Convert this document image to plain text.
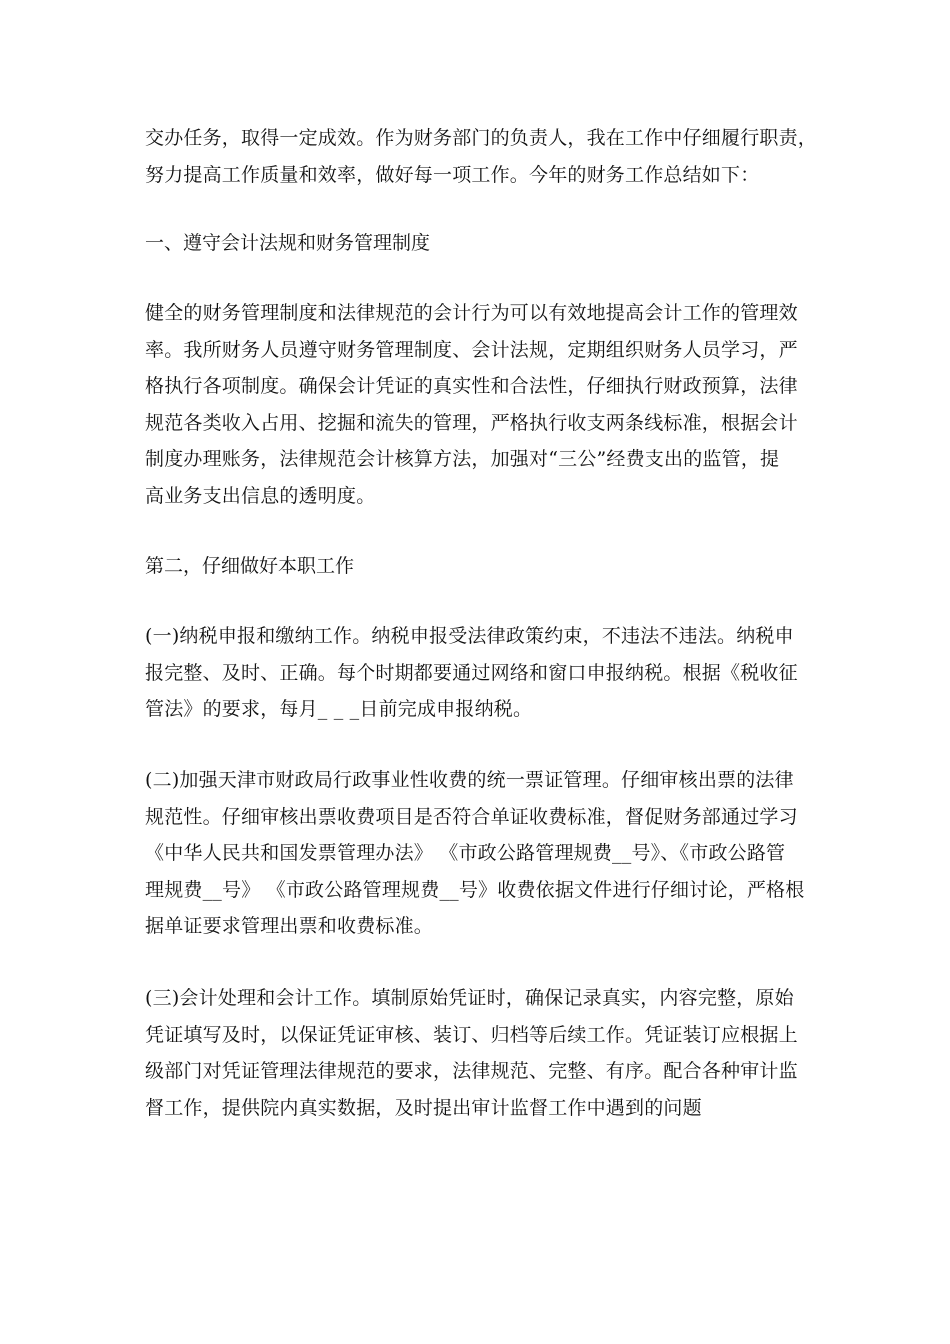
交办任务，取得一定成效。作为财务部门的负责人，我在工作中仔细履行职责，
努力提高工作质量和效率，做好每一项工作。今年的财务工作总结如下：

一、遵守会计法规和财务管理制度

健全的财务管理制度和法律规范的会计行为可以有效地提高会计工作的管理效
率。我所财务人员遵守财务管理制度、会计法规，定期组织财务人员学习，严
格执行各项制度。确保会计凭证的真实性和合法性，仔细执行财政预算，法律
规范各类收入占用、挖掘和流失的管理，严格执行收支两条线标准，根据会计
制度办理账务，法律规范会计核算方法，加强对“三公”经费支出的监管，提
高业务支出信息的透明度。

第二，仔细做好本职工作

(一)纳税申报和缴纳工作。纳税申报受法律政策约束，不违法不违法。纳税申
报完整、及时、正确。每个时期都要通过网络和窗口申报纳税。根据《税收征
管法》的要求，每月_ _ _日前完成申报纳税。

(二)加强天津市财政局行政事业性收费的统一票证管理。仔细审核出票的法律
规范性。仔细审核出票收费项目是否符合单证收费标准，督促财务部通过学习
《中华人民共和国发票管理办法》 《市政公路管理规费__号》、《市政公路管
理规费__号》 《市政公路管理规费__号》收费依据文件进行仔细讨论，严格根
据单证要求管理出票和收费标准。

(三)会计处理和会计工作。填制原始凭证时，确保记录真实，内容完整，原始
凭证填写及时，以保证凭证审核、装订、归档等后续工作。凭证装订应根据上
级部门对凭证管理法律规范的要求，法律规范、完整、有序。配合各种审计监
督工作，提供院内真实数据，及时提出审计监督工作中遇到的问题
